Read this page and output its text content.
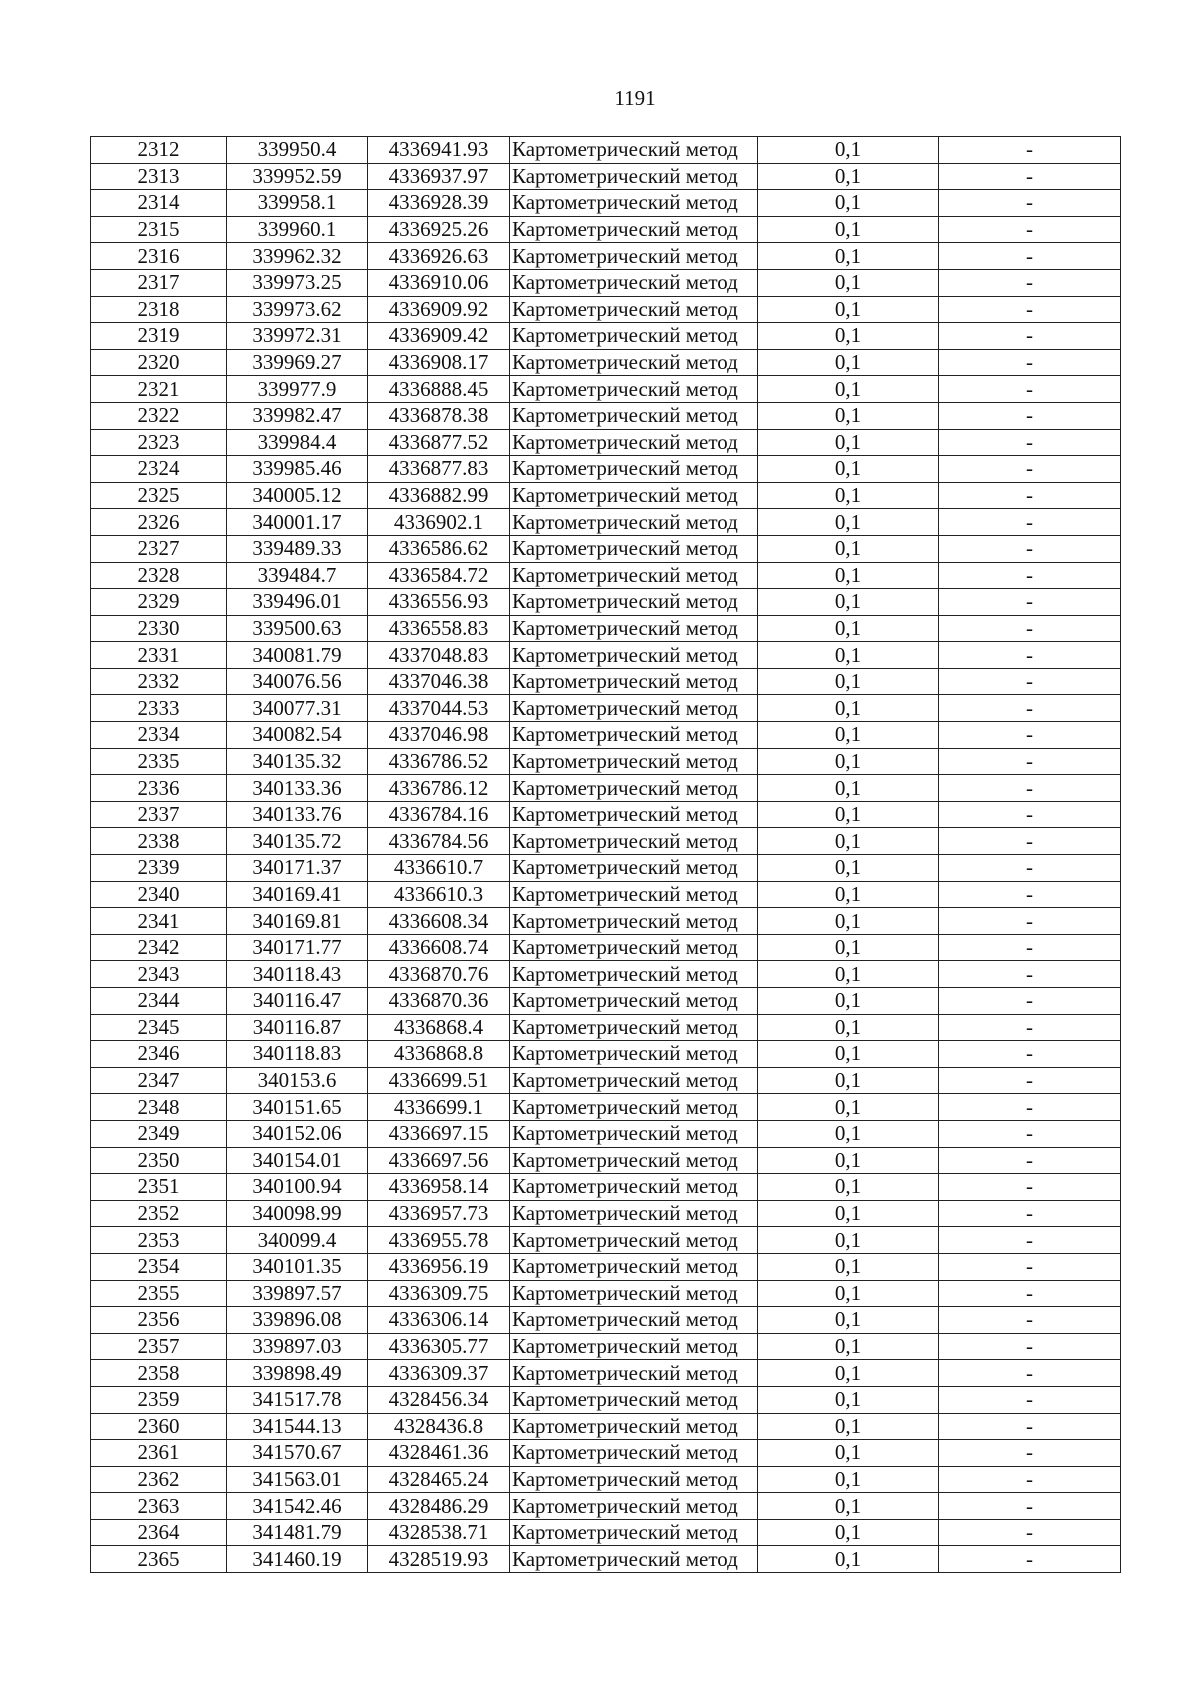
1191
2312	339950.4	4336941.93	Картометрический метод	0,1	-
2313	339952.59	4336937.97	Картометрический метод	0,1	-
2314	339958.1	4336928.39	Картометрический метод	0,1	-
2315	339960.1	4336925.26	Картометрический метод	0,1	-
2316	339962.32	4336926.63	Картометрический метод	0,1	-
2317	339973.25	4336910.06	Картометрический метод	0,1	-
2318	339973.62	4336909.92	Картометрический метод	0,1	-
2319	339972.31	4336909.42	Картометрический метод	0,1	-
2320	339969.27	4336908.17	Картометрический метод	0,1	-
2321	339977.9	4336888.45	Картометрический метод	0,1	-
2322	339982.47	4336878.38	Картометрический метод	0,1	-
2323	339984.4	4336877.52	Картометрический метод	0,1	-
2324	339985.46	4336877.83	Картометрический метод	0,1	-
2325	340005.12	4336882.99	Картометрический метод	0,1	-
2326	340001.17	4336902.1	Картометрический метод	0,1	-
2327	339489.33	4336586.62	Картометрический метод	0,1	-
2328	339484.7	4336584.72	Картометрический метод	0,1	-
2329	339496.01	4336556.93	Картометрический метод	0,1	-
2330	339500.63	4336558.83	Картометрический метод	0,1	-
2331	340081.79	4337048.83	Картометрический метод	0,1	-
2332	340076.56	4337046.38	Картометрический метод	0,1	-
2333	340077.31	4337044.53	Картометрический метод	0,1	-
2334	340082.54	4337046.98	Картометрический метод	0,1	-
2335	340135.32	4336786.52	Картометрический метод	0,1	-
2336	340133.36	4336786.12	Картометрический метод	0,1	-
2337	340133.76	4336784.16	Картометрический метод	0,1	-
2338	340135.72	4336784.56	Картометрический метод	0,1	-
2339	340171.37	4336610.7	Картометрический метод	0,1	-
2340	340169.41	4336610.3	Картометрический метод	0,1	-
2341	340169.81	4336608.34	Картометрический метод	0,1	-
2342	340171.77	4336608.74	Картометрический метод	0,1	-
2343	340118.43	4336870.76	Картометрический метод	0,1	-
2344	340116.47	4336870.36	Картометрический метод	0,1	-
2345	340116.87	4336868.4	Картометрический метод	0,1	-
2346	340118.83	4336868.8	Картометрический метод	0,1	-
2347	340153.6	4336699.51	Картометрический метод	0,1	-
2348	340151.65	4336699.1	Картометрический метод	0,1	-
2349	340152.06	4336697.15	Картометрический метод	0,1	-
2350	340154.01	4336697.56	Картометрический метод	0,1	-
2351	340100.94	4336958.14	Картометрический метод	0,1	-
2352	340098.99	4336957.73	Картометрический метод	0,1	-
2353	340099.4	4336955.78	Картометрический метод	0,1	-
2354	340101.35	4336956.19	Картометрический метод	0,1	-
2355	339897.57	4336309.75	Картометрический метод	0,1	-
2356	339896.08	4336306.14	Картометрический метод	0,1	-
2357	339897.03	4336305.77	Картометрический метод	0,1	-
2358	339898.49	4336309.37	Картометрический метод	0,1	-
2359	341517.78	4328456.34	Картометрический метод	0,1	-
2360	341544.13	4328436.8	Картометрический метод	0,1	-
2361	341570.67	4328461.36	Картометрический метод	0,1	-
2362	341563.01	4328465.24	Картометрический метод	0,1	-
2363	341542.46	4328486.29	Картометрический метод	0,1	-
2364	341481.79	4328538.71	Картометрический метод	0,1	-
2365	341460.19	4328519.93	Картометрический метод	0,1	-
